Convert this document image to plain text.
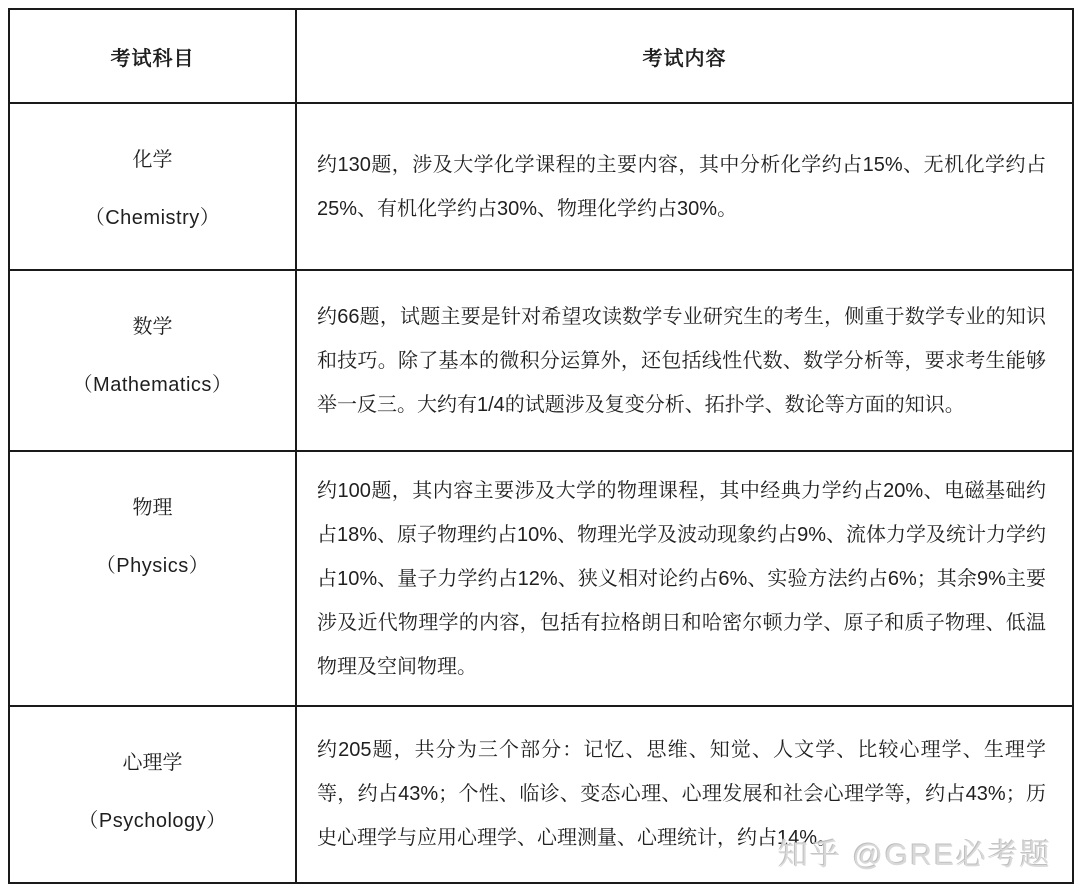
考试科目	考试内容

化学
（Chemistry）	约130题，涉及大学化学课程的主要内容，其中分析化学约占15%、无机化学约占25%、有机化学约占30%、物理化学约占30%。

数学
（Mathematics）	约66题，试题主要是针对希望攻读数学专业研究生的考生，侧重于数学专业的知识和技巧。除了基本的微积分运算外，还包括线性代数、数学分析等，要求考生能够举一反三。大约有1/4的试题涉及复变分析、拓扑学、数论等方面的知识。

物理
（Physics）	约100题，其内容主要涉及大学的物理课程，其中经典力学约占20%、电磁基础约占18%、原子物理约占10%、物理光学及波动现象约占9%、流体力学及统计力学约占10%、量子力学约占12%、狭义相对论约占6%、实验方法约占6%；其余9%主要涉及近代物理学的内容，包括有拉格朗日和哈密尔顿力学、原子和质子物理、低温物理及空间物理。

心理学
（Psychology）	约205题，共分为三个部分：记忆、思维、知觉、人文学、比较心理学、生理学等，约占43%；个性、临诊、变态心理、心理发展和社会心理学等，约占43%；历史心理学与应用心理学、心理测量、心理统计，约占14%。
知乎 @GRE必考题
